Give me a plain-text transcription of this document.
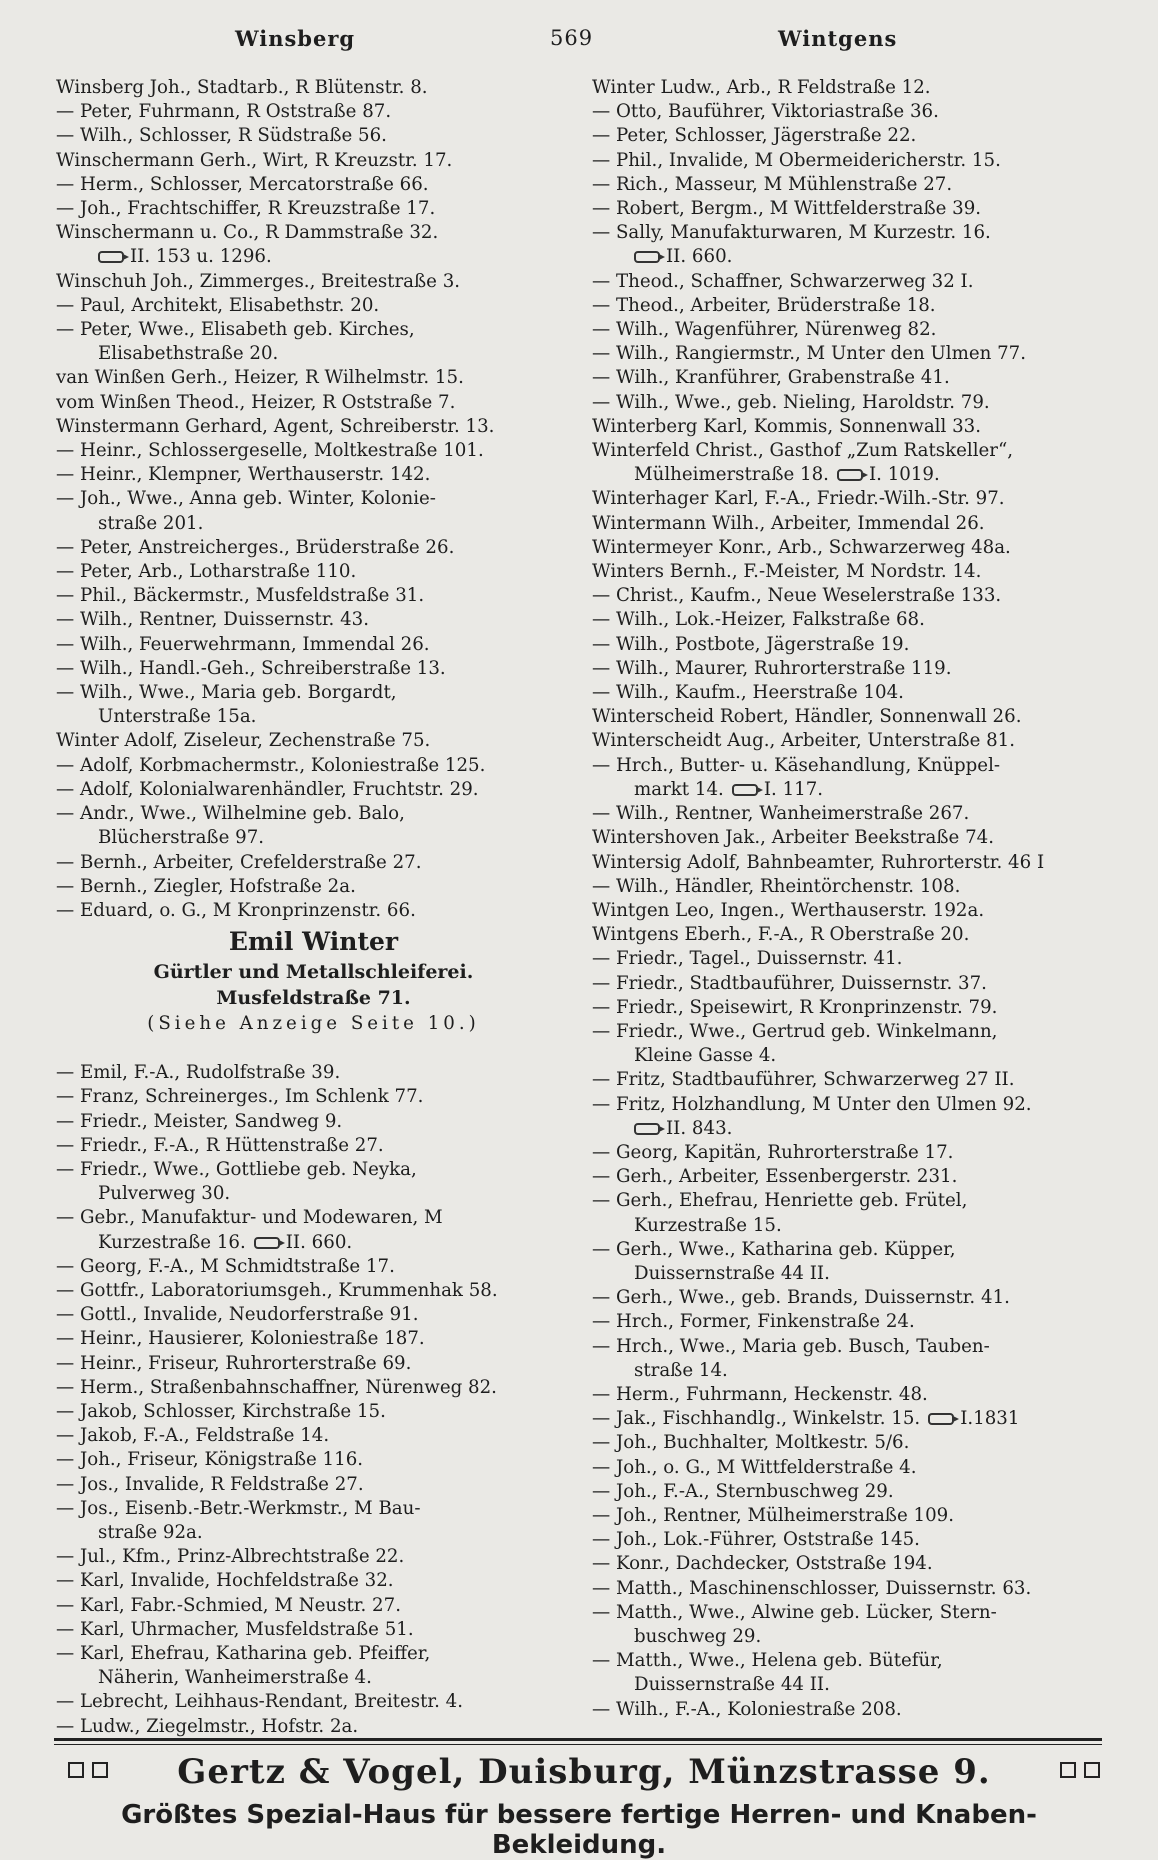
Winsberg	569	Wintgens
Winsberg Joh., Stadtarb., R Blütenstr. 8.
— Peter, Fuhrmann, R Oststraße 87.
— Wilh., Schlosser, R Südstraße 56.
Winschermann Gerh., Wirt, R Kreuzstr. 17.
— Herm., Schlosser, Mercatorstraße 66.
— Joh., Frachtschiffer, R Kreuzstraße 17.
Winschermann u. Co., R Dammstraße 32.
II. 153 u. 1296.
Winschuh Joh., Zimmerges., Breitestraße 3.
— Paul, Architekt, Elisabethstr. 20.
— Peter, Wwe., Elisabeth geb. Kirches,
Elisabethstraße 20.
van Winßen Gerh., Heizer, R Wilhelmstr. 15.
vom Winßen Theod., Heizer, R Oststraße 7.
Winstermann Gerhard, Agent, Schreiberstr. 13.
— Heinr., Schlossergeselle, Moltkestraße 101.
— Heinr., Klempner, Werthauserstr. 142.
— Joh., Wwe., Anna geb. Winter, Kolonie-
straße 201.
— Peter, Anstreicherges., Brüderstraße 26.
— Peter, Arb., Lotharstraße 110.
— Phil., Bäckermstr., Musfeldstraße 31.
— Wilh., Rentner, Duissernstr. 43.
— Wilh., Feuerwehrmann, Immendal 26.
— Wilh., Handl.-Geh., Schreiberstraße 13.
— Wilh., Wwe., Maria geb. Borgardt,
Unterstraße 15a.
Winter Adolf, Ziseleur, Zechenstraße 75.
— Adolf, Korbmachermstr., Koloniestraße 125.
— Adolf, Kolonialwarenhändler, Fruchtstr. 29.
— Andr., Wwe., Wilhelmine geb. Balo,
Blücherstraße 97.
— Bernh., Arbeiter, Crefelderstraße 27.
— Bernh., Ziegler, Hofstraße 2a.
— Eduard, o. G., M Kronprinzenstr. 66.
Emil Winter
Gürtler und Metallschleiferei.
Musfeldstraße 71.
(Siehe Anzeige Seite 10.)
— Emil, F.-A., Rudolfstraße 39.
— Franz, Schreinerges., Im Schlenk 77.
— Friedr., Meister, Sandweg 9.
— Friedr., F.-A., R Hüttenstraße 27.
— Friedr., Wwe., Gottliebe geb. Neyka,
Pulverweg 30.
— Gebr., Manufaktur- und Modewaren, M
Kurzestraße 16. II. 660.
— Georg, F.-A., M Schmidtstraße 17.
— Gottfr., Laboratoriumsgeh., Krummenhak 58.
— Gottl., Invalide, Neudorferstraße 91.
— Heinr., Hausierer, Koloniestraße 187.
— Heinr., Friseur, Ruhrorterstraße 69.
— Herm., Straßenbahnschaffner, Nürenweg 82.
— Jakob, Schlosser, Kirchstraße 15.
— Jakob, F.-A., Feldstraße 14.
— Joh., Friseur, Königstraße 116.
— Jos., Invalide, R Feldstraße 27.
— Jos., Eisenb.-Betr.-Werkmstr., M Bau-
straße 92a.
— Jul., Kfm., Prinz-Albrechtstraße 22.
— Karl, Invalide, Hochfeldstraße 32.
— Karl, Fabr.-Schmied, M Neustr. 27.
— Karl, Uhrmacher, Musfeldstraße 51.
— Karl, Ehefrau, Katharina geb. Pfeiffer,
Näherin, Wanheimerstraße 4.
— Lebrecht, Leihhaus-Rendant, Breitestr. 4.
— Ludw., Ziegelmstr., Hofstr. 2a.
Winter Ludw., Arb., R Feldstraße 12.
— Otto, Bauführer, Viktoriastraße 36.
— Peter, Schlosser, Jägerstraße 22.
— Phil., Invalide, M Obermeidericherstr. 15.
— Rich., Masseur, M Mühlenstraße 27.
— Robert, Bergm., M Wittfelderstraße 39.
— Sally, Manufakturwaren, M Kurzestr. 16.
II. 660.
— Theod., Schaffner, Schwarzerweg 32 I.
— Theod., Arbeiter, Brüderstraße 18.
— Wilh., Wagenführer, Nürenweg 82.
— Wilh., Rangiermstr., M Unter den Ulmen 77.
— Wilh., Kranführer, Grabenstraße 41.
— Wilh., Wwe., geb. Nieling, Haroldstr. 79.
Winterberg Karl, Kommis, Sonnenwall 33.
Winterfeld Christ., Gasthof „Zum Ratskeller“,
Mülheimerstraße 18. I. 1019.
Winterhager Karl, F.-A., Friedr.-Wilh.-Str. 97.
Wintermann Wilh., Arbeiter, Immendal 26.
Wintermeyer Konr., Arb., Schwarzerweg 48a.
Winters Bernh., F.-Meister, M Nordstr. 14.
— Christ., Kaufm., Neue Weselerstraße 133.
— Wilh., Lok.-Heizer, Falkstraße 68.
— Wilh., Postbote, Jägerstraße 19.
— Wilh., Maurer, Ruhrorterstraße 119.
— Wilh., Kaufm., Heerstraße 104.
Winterscheid Robert, Händler, Sonnenwall 26.
Winterscheidt Aug., Arbeiter, Unterstraße 81.
— Hrch., Butter- u. Käsehandlung, Knüppel-
markt 14. I. 117.
— Wilh., Rentner, Wanheimerstraße 267.
Wintershoven Jak., Arbeiter Beekstraße 74.
Wintersig Adolf, Bahnbeamter, Ruhrorterstr. 46 I
— Wilh., Händler, Rheintörchenstr. 108.
Wintgen Leo, Ingen., Werthauserstr. 192a.
Wintgens Eberh., F.-A., R Oberstraße 20.
— Friedr., Tagel., Duissernstr. 41.
— Friedr., Stadtbauführer, Duissernstr. 37.
— Friedr., Speisewirt, R Kronprinzenstr. 79.
— Friedr., Wwe., Gertrud geb. Winkelmann,
Kleine Gasse 4.
— Fritz, Stadtbauführer, Schwarzerweg 27 II.
— Fritz, Holzhandlung, M Unter den Ulmen 92.
II. 843.
— Georg, Kapitän, Ruhrorterstraße 17.
— Gerh., Arbeiter, Essenbergerstr. 231.
— Gerh., Ehefrau, Henriette geb. Frütel,
Kurzestraße 15.
— Gerh., Wwe., Katharina geb. Küpper,
Duissernstraße 44 II.
— Gerh., Wwe., geb. Brands, Duissernstr. 41.
— Hrch., Former, Finkenstraße 24.
— Hrch., Wwe., Maria geb. Busch, Tauben-
straße 14.
— Herm., Fuhrmann, Heckenstr. 48.
— Jak., Fischhandlg., Winkelstr. 15. I.1831
— Joh., Buchhalter, Moltkestr. 5/6.
— Joh., o. G., M Wittfelderstraße 4.
— Joh., F.-A., Sternbuschweg 29.
— Joh., Rentner, Mülheimerstraße 109.
— Joh., Lok.-Führer, Oststraße 145.
— Konr., Dachdecker, Oststraße 194.
— Matth., Maschinenschlosser, Duissernstr. 63.
— Matth., Wwe., Alwine geb. Lücker, Stern-
buschweg 29.
— Matth., Wwe., Helena geb. Bütefür,
Duissernstraße 44 II.
— Wilh., F.-A., Koloniestraße 208.
Gertz & Vogel, Duisburg, Münzstrasse 9.
Größtes Spezial-Haus für bessere fertige Herren- und Knaben-Bekleidung.
